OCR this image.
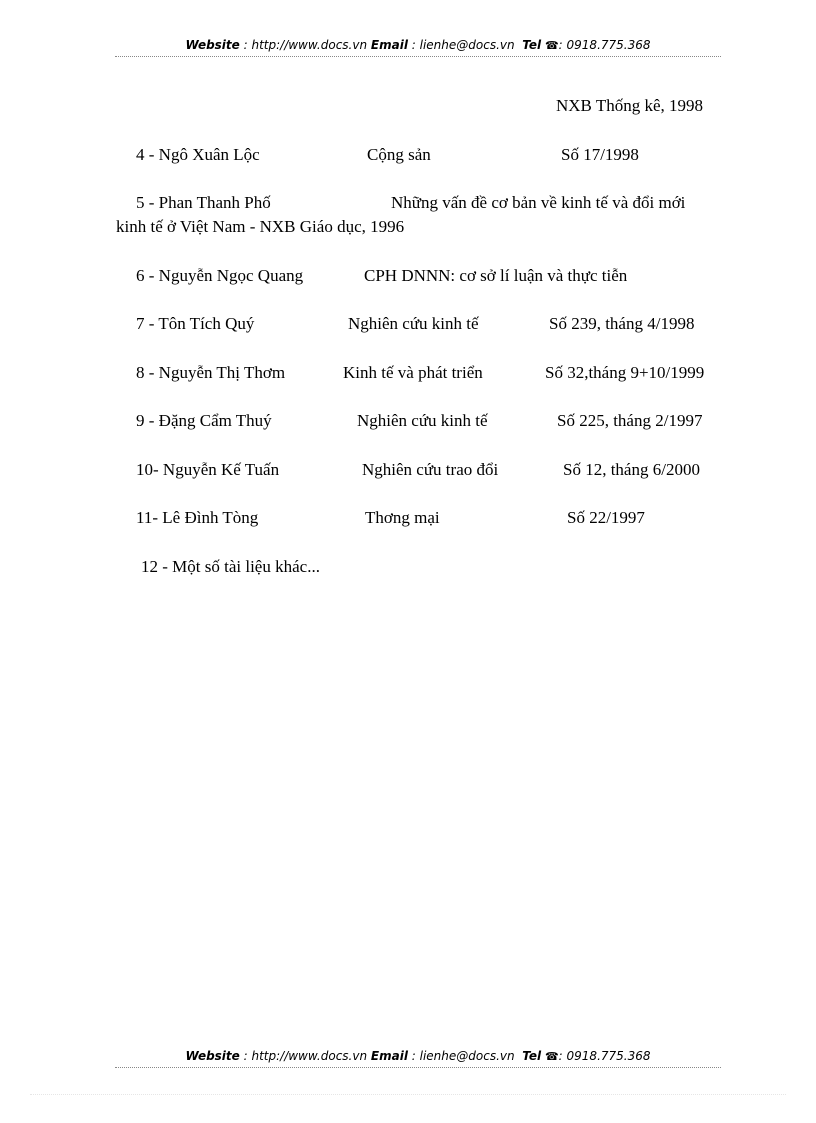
Website : http://www.docs.vn Email : lienhe@docs.vn Tel ☎: 0918.775.368
NXB Thống kê, 1998
4 - Ngô Xuân Lộc	Cộng sản	Số 17/1998
5 - Phan Thanh Phố	Những vấn đề cơ bản về kinh tế và đổi mới
kinh tế ở Việt Nam - NXB Giáo dục, 1996
6 - Nguyễn Ngọc Quang	CPH DNNN: cơ sở lí luận và thực tiễn
7 - Tôn Tích Quý	Nghiên cứu kinh tế	Số 239, tháng 4/1998
8 - Nguyễn Thị Thơm	Kinh tế và phát triển	Số 32,tháng 9+10/1999
9 - Đặng Cẩm Thuý	Nghiên cứu kinh tế	Số 225, tháng 2/1997
10- Nguyễn Kế Tuấn	Nghiên cứu trao đổi	Số 12, tháng 6/2000
11- Lê Đình Tòng	Thơng mại	Số 22/1997
12 - Một số tài liệu khác...
Website : http://www.docs.vn Email : lienhe@docs.vn Tel ☎: 0918.775.368
